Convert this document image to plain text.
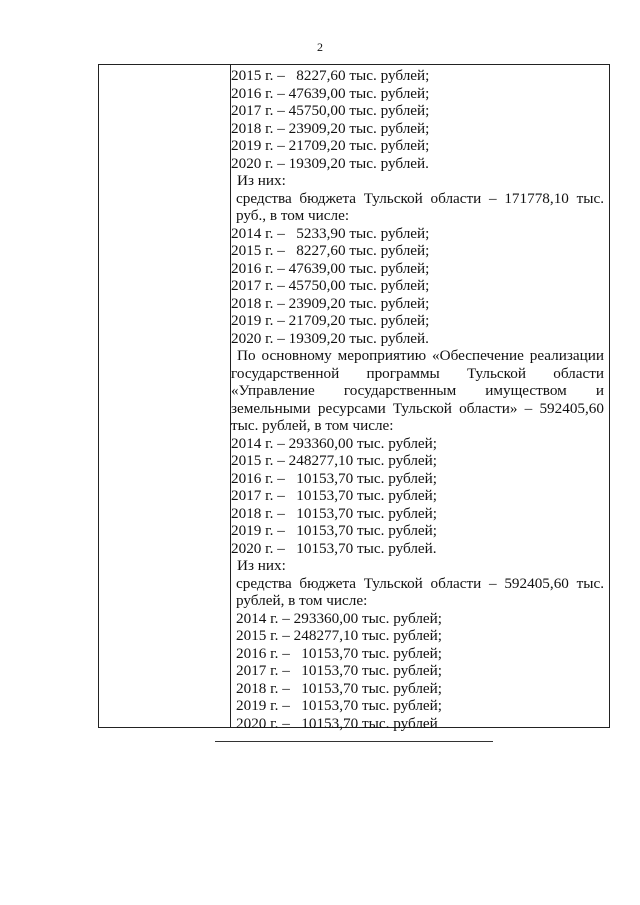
2

2015 г. –   8227,60 тыс. рублей;

2016 г. – 47639,00 тыс. рублей;

2017 г. – 45750,00 тыс. рублей;

2018 г. – 23909,20 тыс. рублей;

2019 г. – 21709,20 тыс. рублей;

2020 г. – 19309,20 тыс. рублей.

Из них:

средства бюджета Тульской области – 171778,10 тыс.

руб., в том числе:

2014 г. –   5233,90 тыс. рублей;

2015 г. –   8227,60 тыс. рублей;

2016 г. – 47639,00 тыс. рублей;

2017 г. – 45750,00 тыс. рублей;

2018 г. – 23909,20 тыс. рублей;

2019 г. – 21709,20 тыс. рублей;

2020 г. – 19309,20 тыс. рублей.

По основному мероприятию «Обеспечение реализации

государственной программы Тульской области

«Управление государственным имуществом и

земельными ресурсами Тульской области» – 592405,60

тыс. рублей, в том числе:

2014 г. – 293360,00 тыс. рублей;

2015 г. – 248277,10 тыс. рублей;

2016 г. –   10153,70 тыс. рублей;

2017 г. –   10153,70 тыс. рублей;

2018 г. –   10153,70 тыс. рублей;

2019 г. –   10153,70 тыс. рублей;

2020 г. –   10153,70 тыс. рублей.

Из них:

средства бюджета Тульской области – 592405,60 тыс.

рублей, в том числе:

2014 г. – 293360,00 тыс. рублей;

2015 г. – 248277,10 тыс. рублей;

2016 г. –   10153,70 тыс. рублей;

2017 г. –   10153,70 тыс. рублей;

2018 г. –   10153,70 тыс. рублей;

2019 г. –   10153,70 тыс. рублей;

2020 г. –   10153,70 тыс. рублей
